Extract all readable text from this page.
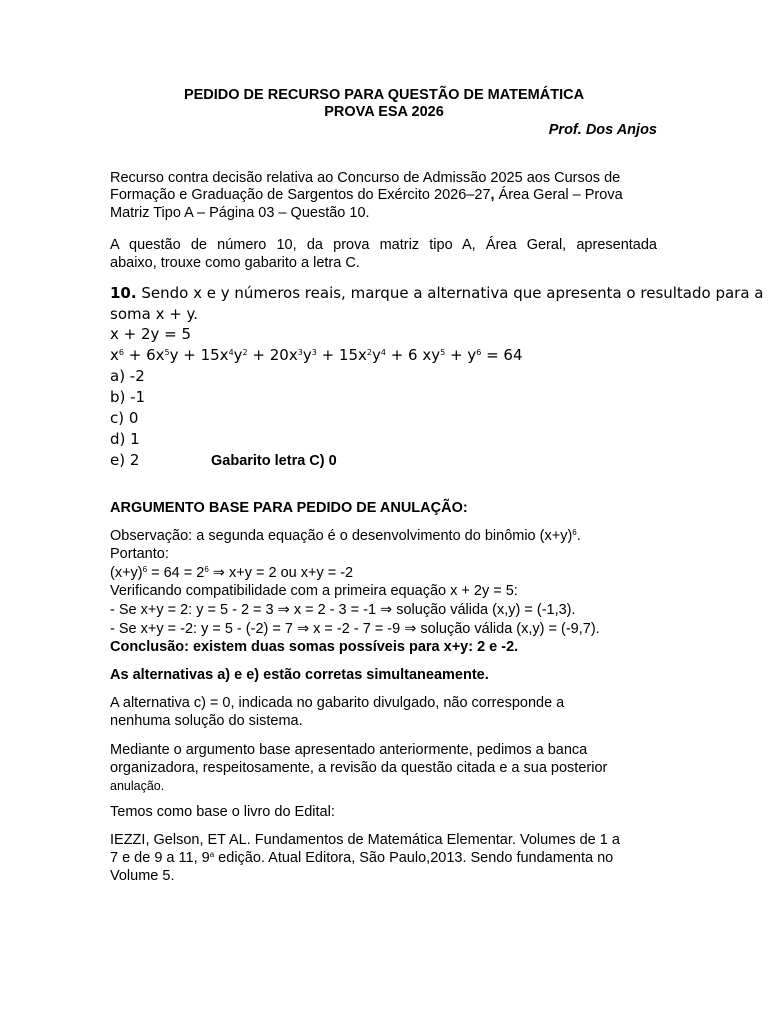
PEDIDO DE RECURSO PARA QUESTÃO DE MATEMÁTICA
PROVA ESA 2026
Prof. Dos Anjos
Recurso contra decisão relativa ao Concurso de Admissão 2025 aos Cursos de
Formação e Graduação de Sargentos do Exército 2026–27, Área Geral – Prova
Matriz Tipo A – Página 03 – Questão 10.
A questão de número 10, da prova matriz tipo A, Área Geral, apresentada
abaixo, trouxe como gabarito a letra C.
10. Sendo x e y números reais, marque a alternativa que apresenta o resultado para a
soma x + y.
x + 2y = 5
$x^6 + 6x^5y + 15x^4y^2 + 20x^3y^3 + 15x^2y^4 + 6$ $xy^5 + y^6 = 64$
a) -2
b) -1
c) 0
d) 1
e) 2	Gabarito letra C) 0
ARGUMENTO BASE PARA PEDIDO DE ANULAÇÃO:
Observação: a segunda equação é o desenvolvimento do binômio $(x+y)^6$.
Portanto:
$(x+y)^6 = 64 = 2^6$ ⇒ x+y = 2 ou x+y = -2
Verificando compatibilidade com a primeira equação x + 2y = 5:
- Se x+y = 2: y = 5 - 2 = 3 ⇒ x = 2 - 3 = -1 ⇒ solução válida (x,y) = (-1,3).
- Se x+y = -2: y = 5 - (-2) = 7 ⇒ x = -2 - 7 = -9 ⇒ solução válida (x,y) = (-9,7).
Conclusão: existem duas somas possíveis para x+y: 2 e -2.
As alternativas a) e e) estão corretas simultaneamente.
A alternativa c) = 0, indicada no gabarito divulgado, não corresponde a
nenhuma solução do sistema.
Mediante o argumento base apresentado anteriormente, pedimos a banca
organizadora, respeitosamente, a revisão da questão citada e a sua posterior
anulação.
Temos como base o livro do Edital:
IEZZI, Gelson, ET AL. Fundamentos de Matemática Elementar. Volumes de 1 a
7 e de 9 a 11, 9$^a$ edição. Atual Editora, São Paulo,2013. Sendo fundamenta no
Volume 5.
